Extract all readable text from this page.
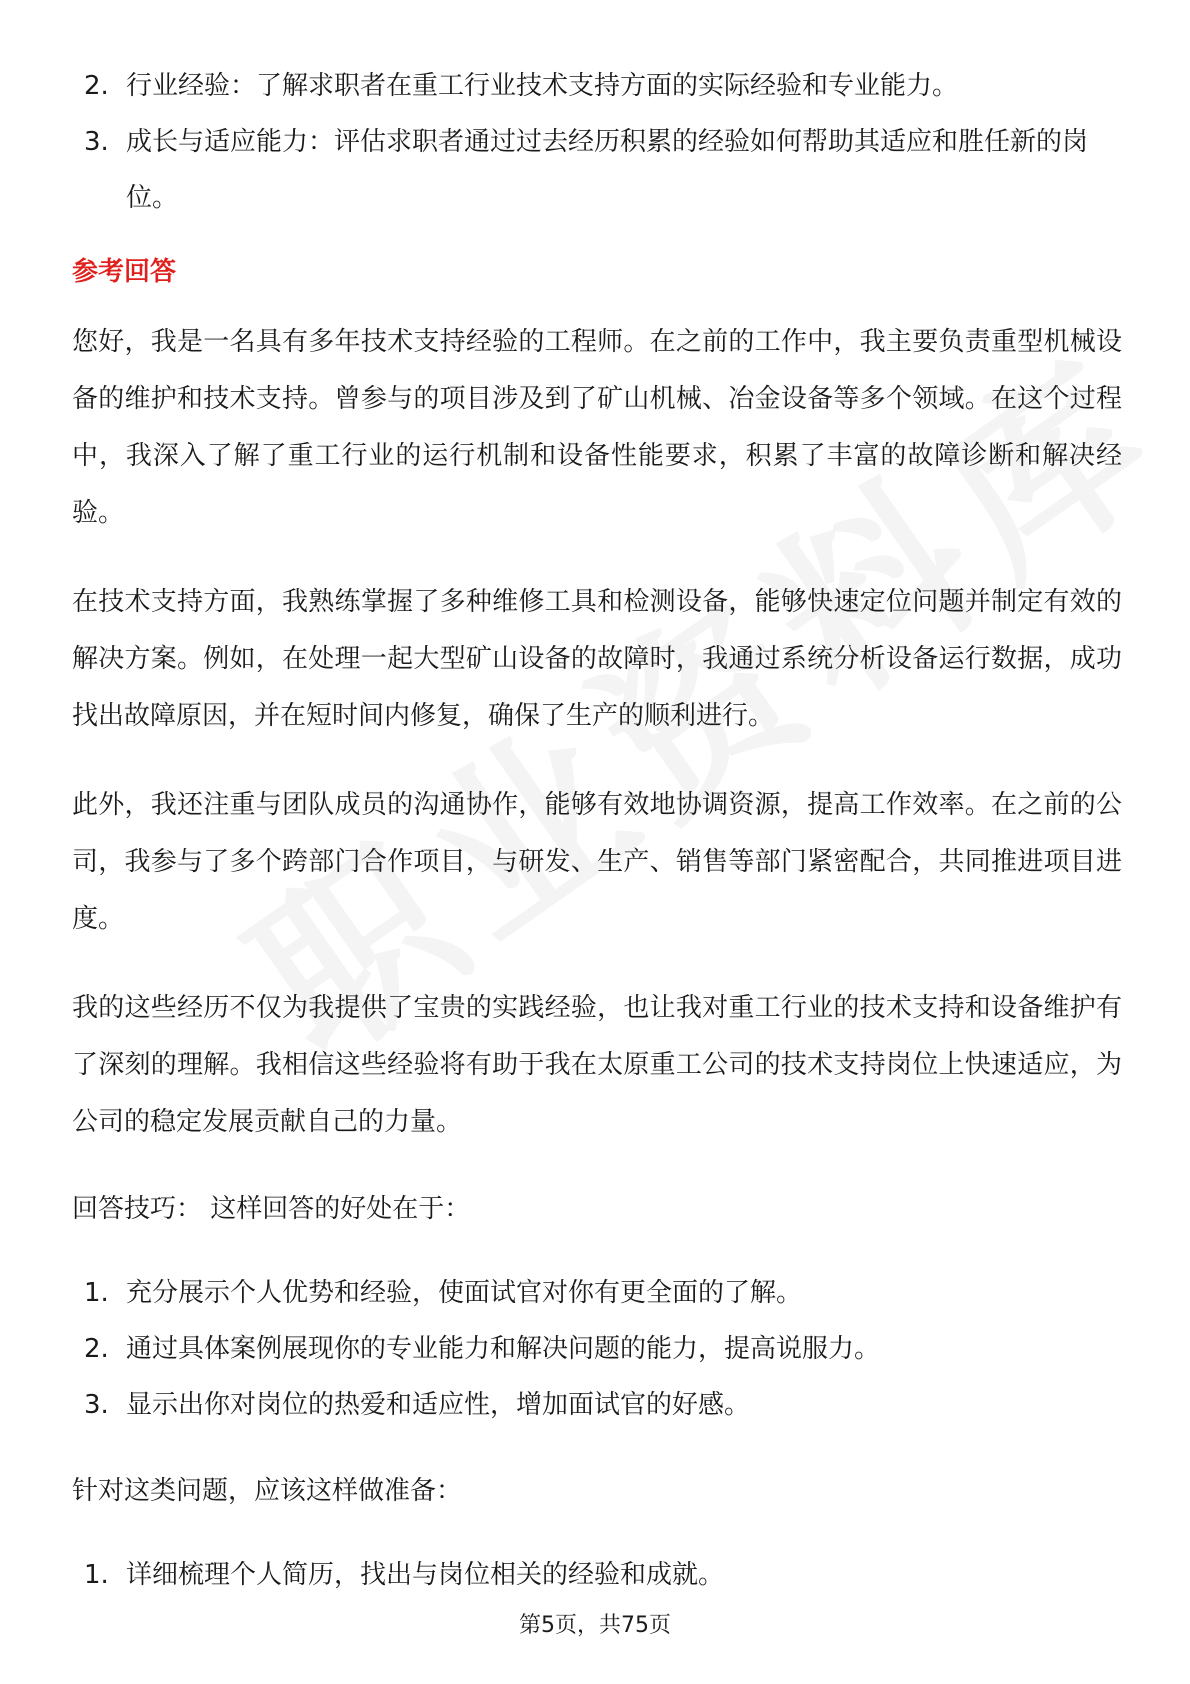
2. 行业经验：了解求职者在重工行业技术支持方面的实际经验和专业能力。
3. 成长与适应能力：评估求职者通过过去经历积累的经验如何帮助其适应和胜任新的岗位。
参考回答

您好，我是一名具有多年技术支持经验的工程师。在之前的工作中，我主要负责重型机械设备的维护和技术支持。曾参与的项目涉及到了矿山机械、冶金设备等多个领域。在这个过程中，我深入了解了重工行业的运行机制和设备性能要求，积累了丰富的故障诊断和解决经验。

在技术支持方面，我熟练掌握了多种维修工具和检测设备，能够快速定位问题并制定有效的解决方案。例如，在处理一起大型矿山设备的故障时，我通过系统分析设备运行数据，成功找出故障原因，并在短时间内修复，确保了生产的顺利进行。

此外，我还注重与团队成员的沟通协作，能够有效地协调资源，提高工作效率。在之前的公司，我参与了多个跨部门合作项目，与研发、生产、销售等部门紧密配合，共同推进项目进度。

我的这些经历不仅为我提供了宝贵的实践经验，也让我对重工行业的技术支持和设备维护有了深刻的理解。我相信这些经验将有助于我在太原重工公司的技术支持岗位上快速适应，为公司的稳定发展贡献自己的力量。

回答技巧： 这样回答的好处在于：
1. 充分展示个人优势和经验，使面试官对你有更全面的了解。
2. 通过具体案例展现你的专业能力和解决问题的能力，提高说服力。
3. 显示出你对岗位的热爱和适应性，增加面试官的好感。
针对这类问题，应该这样做准备：
1. 详细梳理个人简历，找出与岗位相关的经验和成就。
第5页，共75页
